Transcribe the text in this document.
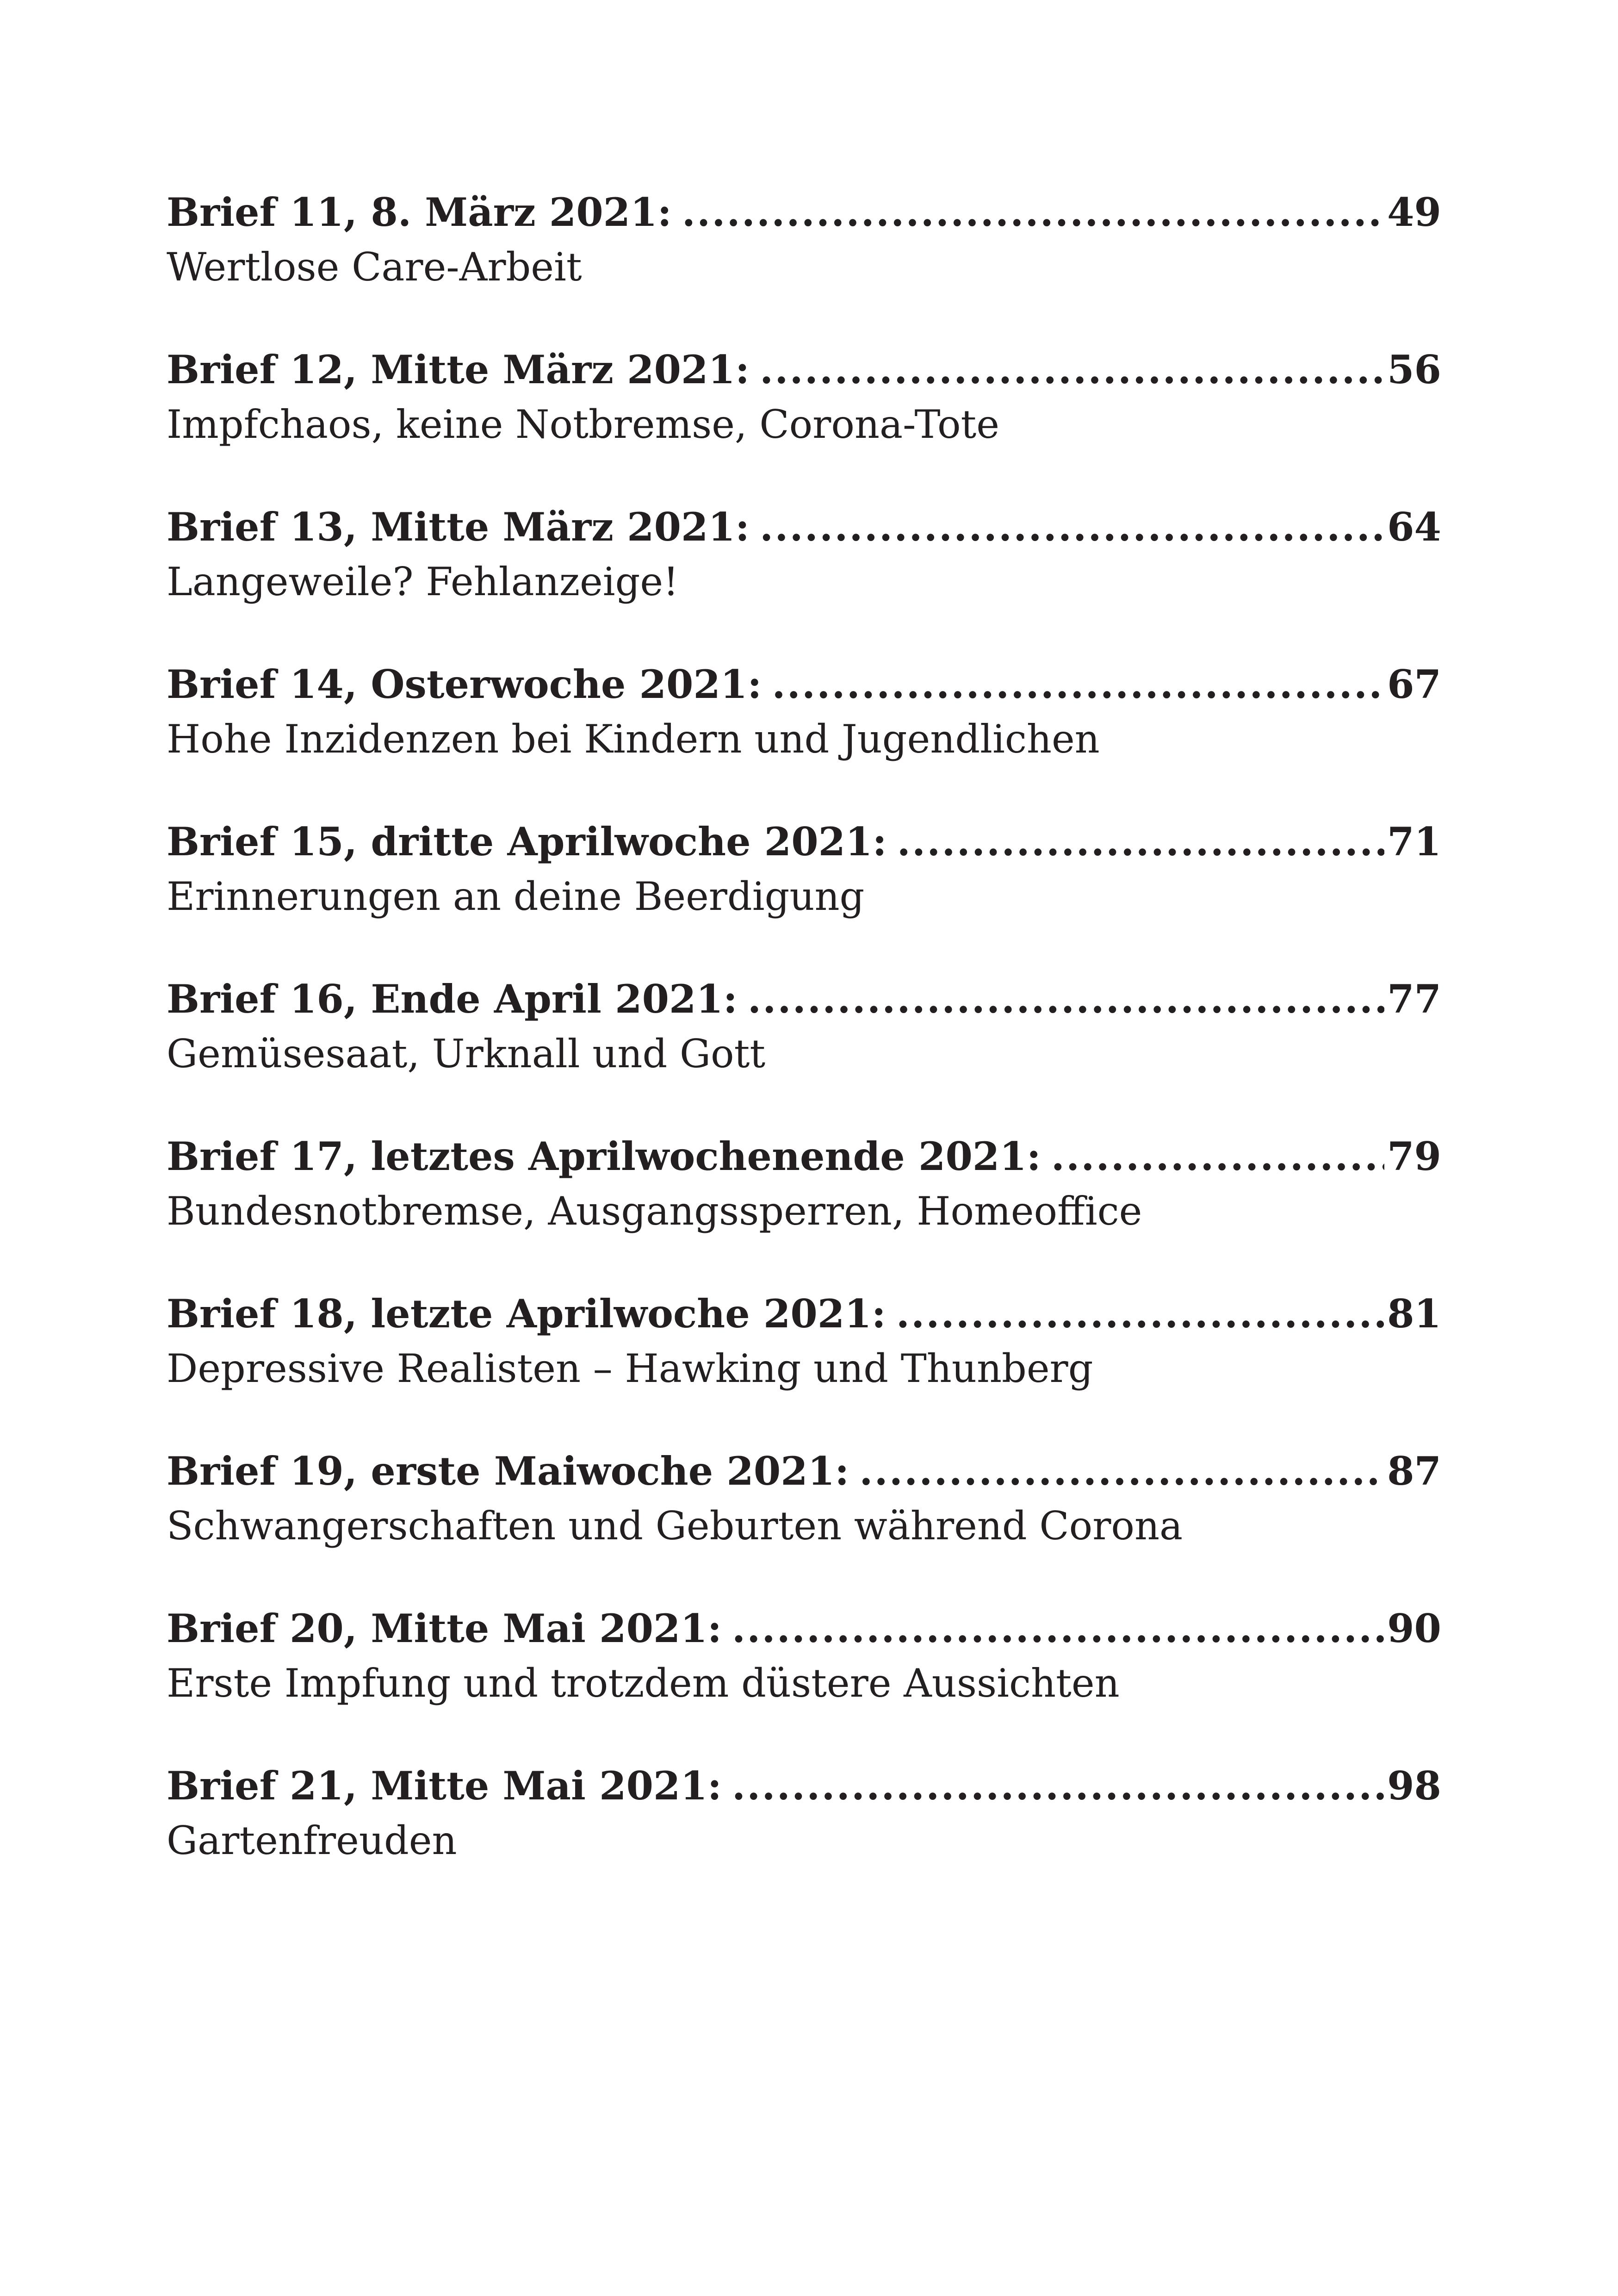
Brief 11, 8. März 2021: .....	49
Wertlose Care-Arbeit
Brief 12, Mitte März 2021: .....	56
Impfchaos, keine Notbremse, Corona-Tote
Brief 13, Mitte März 2021: .....	64
Langeweile? Fehlanzeige!
Brief 14, Osterwoche 2021: .....	67
Hohe Inzidenzen bei Kindern und Jugendlichen
Brief 15, dritte Aprilwoche 2021: .....	71
Erinnerungen an deine Beerdigung
Brief 16, Ende April 2021: .....	77
Gemüsesaat, Urknall und Gott
Brief 17, letztes Aprilwochenende 2021: .....	79
Bundesnotbremse, Ausgangssperren, Homeoffice
Brief 18, letzte Aprilwoche 2021: .....	81
Depressive Realisten – Hawking und Thunberg
Brief 19, erste Maiwoche 2021: .....	87
Schwangerschaften und Geburten während Corona
Brief 20, Mitte Mai 2021: .....	90
Erste Impfung und trotzdem düstere Aussichten
Brief 21, Mitte Mai 2021: .....	98
Gartenfreuden
